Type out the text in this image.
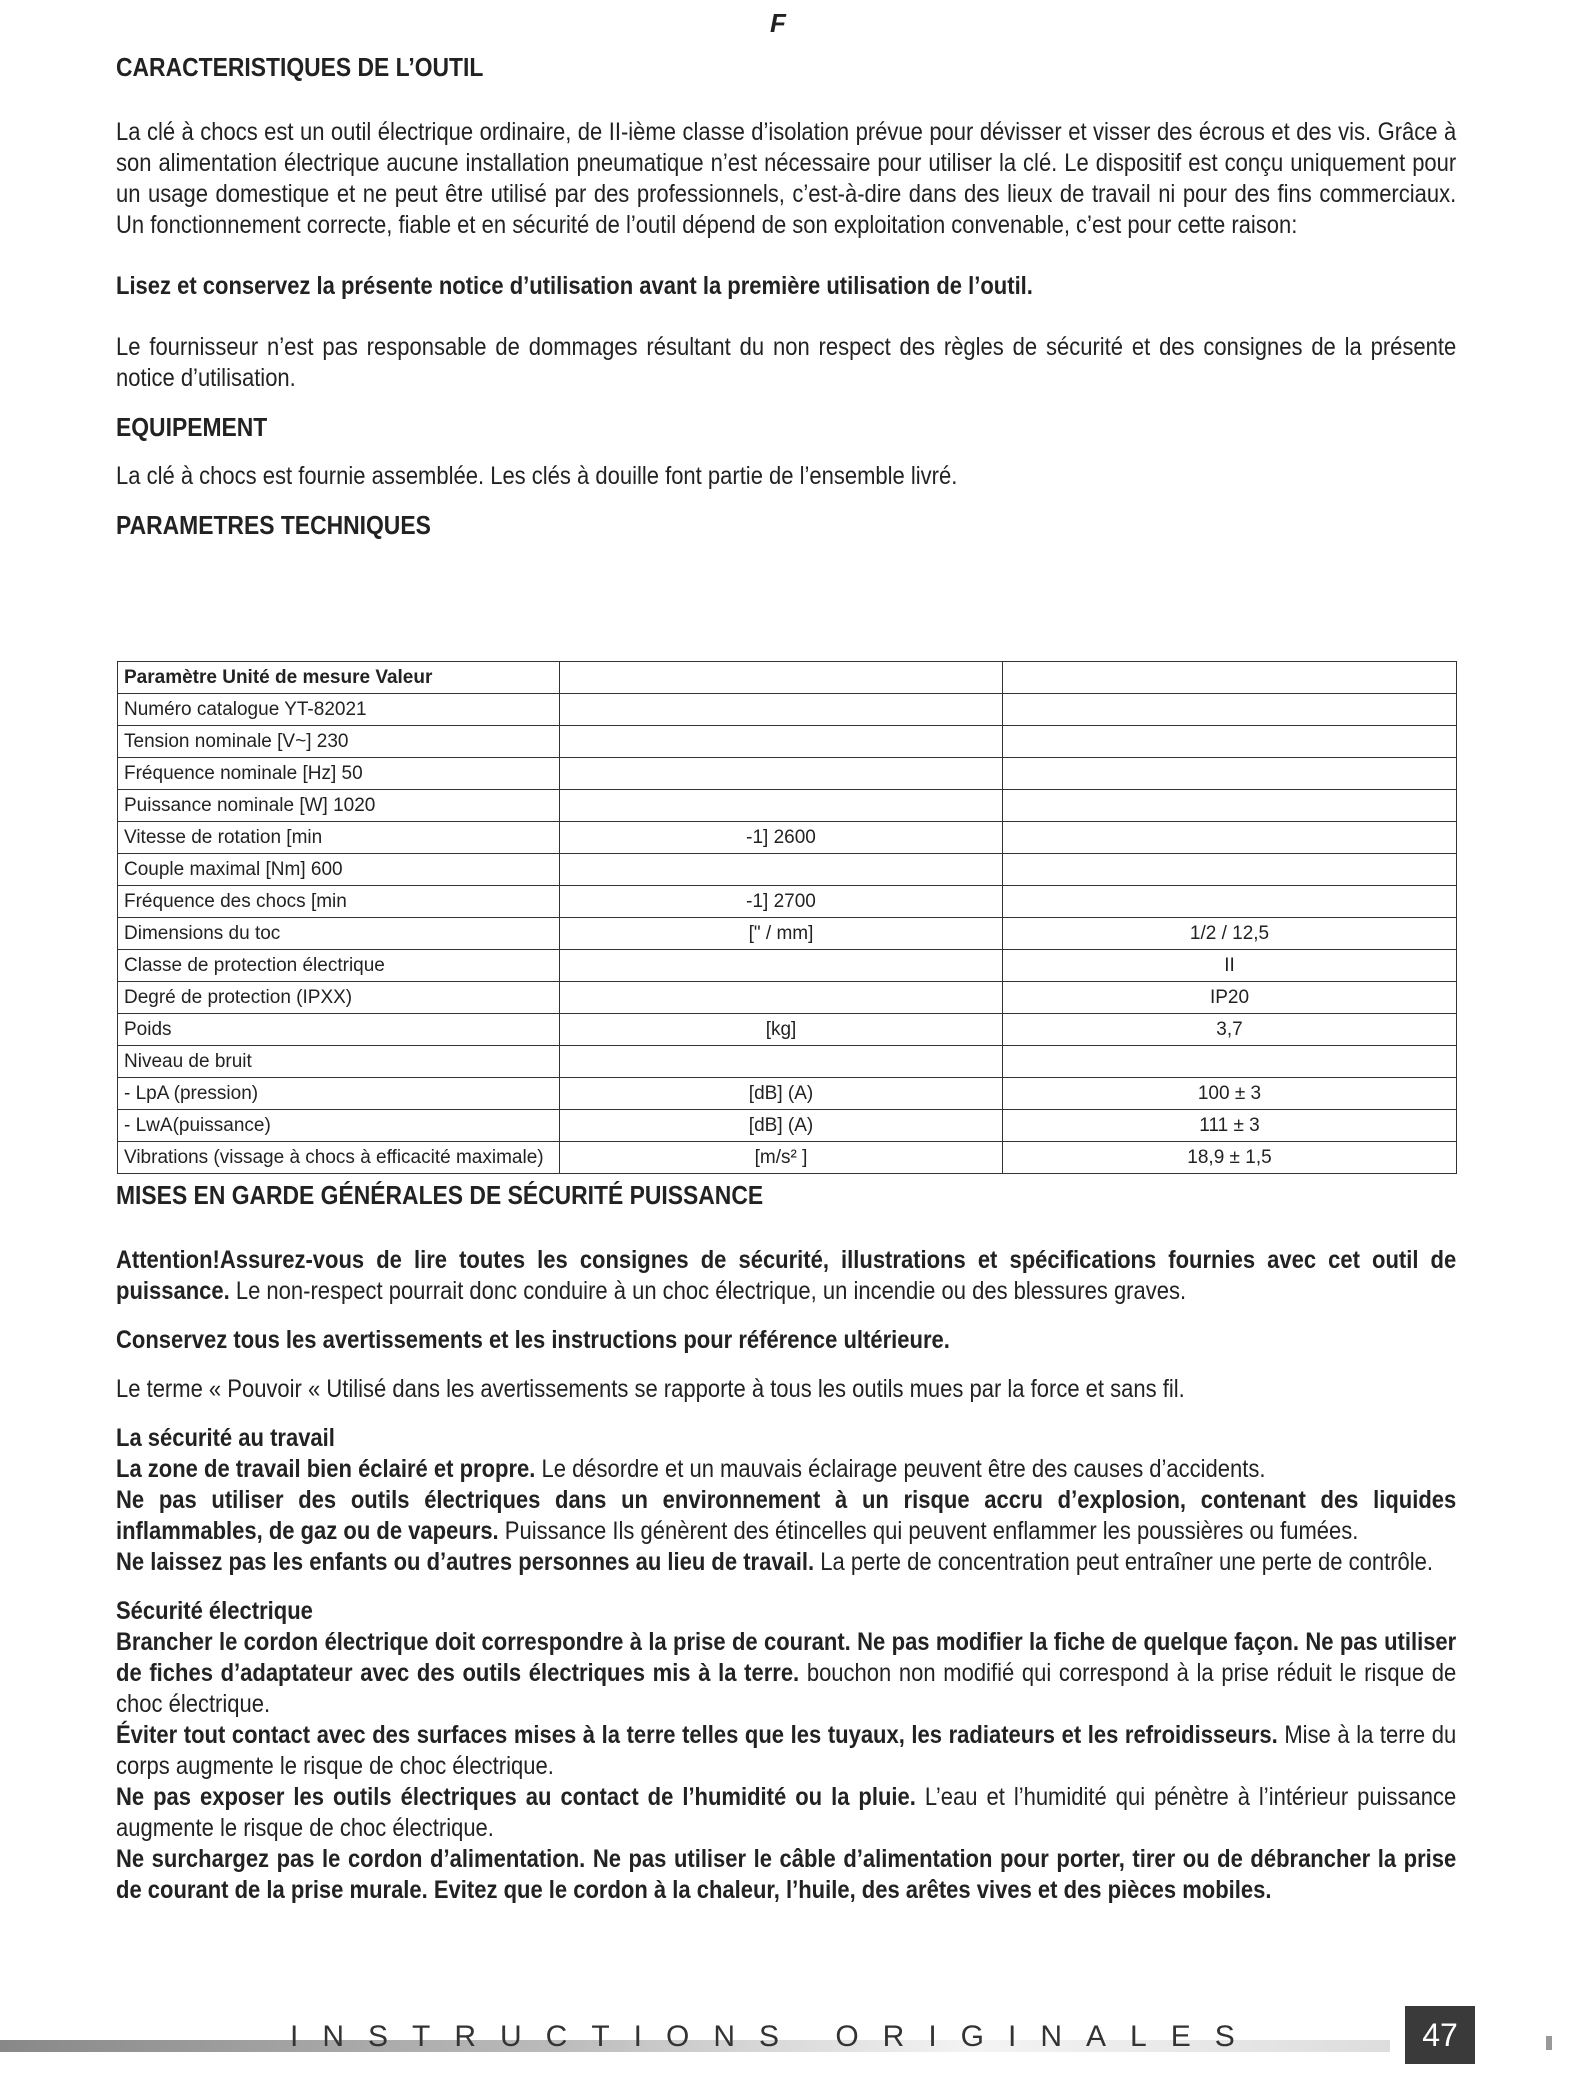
F
CARACTERISTIQUES DE L’OUTIL

La clé à chocs est un outil électrique ordinaire, de II-ième classe d’isolation prévue pour dévisser et visser des écrous et des vis. Grâce à son alimentation électrique aucune installation pneumatique n’est nécessaire pour utiliser la clé. Le dispositif est conçu uniquement pour un usage domestique et ne peut être utilisé par des professionnels, c’est-à-dire dans des lieux de travail ni pour des fins commerciaux. Un fonctionnement correcte, fiable et en sécurité de l’outil dépend de son exploitation convenable, c’est pour cette raison:

Lisez et conservez la présente notice d’utilisation avant la première utilisation de l’outil.

Le fournisseur n’est pas responsable de dommages résultant du non respect des règles de sécurité et des consignes de la présente notice d’utilisation.

EQUIPEMENT

La clé à chocs est fournie assemblée. Les clés à douille font partie de l’ensemble livré.

PARAMETRES TECHNIQUES
Paramètre Unité de mesure Valeur		
Numéro catalogue YT-82021		
Tension nominale [V~] 230		
Fréquence nominale [Hz] 50		
Puissance nominale [W] 1020		
Vitesse de rotation [min	-1] 2600	
Couple maximal [Nm] 600		
Fréquence des chocs [min	-1] 2700	
Dimensions du toc	[" / mm]	1/2 / 12,5
Classe de protection électrique		II
Degré de protection (IPXX)		IP20
Poids	[kg]	3,7
Niveau de bruit		
- LpA (pression)	[dB] (A)	100 ± 3
- LwA(puissance)	[dB] (A)	111 ± 3
Vibrations (vissage à chocs à efficacité maximale)	[m/s² ]	18,9 ± 1,5
MISES EN GARDE GÉNÉRALES DE SÉCURITÉ PUISSANCE

Attention!Assurez-vous de lire toutes les consignes de sécurité, illustrations et spécifications fournies avec cet outil de puissance. Le non-respect pourrait donc conduire à un choc électrique, un incendie ou des blessures graves.

Conservez tous les avertissements et les instructions pour référence ultérieure.

Le terme « Pouvoir « Utilisé dans les avertissements se rapporte à tous les outils mues par la force et sans fil.

La sécurité au travail

La zone de travail bien éclairé et propre. Le désordre et un mauvais éclairage peuvent être des causes d’accidents.

Ne pas utiliser des outils électriques dans un environnement à un risque accru d’explosion, contenant des liquides inflammables, de gaz ou de vapeurs. Puissance Ils génèrent des étincelles qui peuvent enflammer les poussières ou fumées.

Ne laissez pas les enfants ou d’autres personnes au lieu de travail. La perte de concentration peut entraîner une perte de contrôle.

Sécurité électrique

Brancher le cordon électrique doit correspondre à la prise de courant. Ne pas modifier la fiche de quelque façon. Ne pas utiliser de fiches d’adaptateur avec des outils électriques mis à la terre. bouchon non modifié qui correspond à la prise réduit le risque de choc électrique.

Éviter tout contact avec des surfaces mises à la terre telles que les tuyaux, les radiateurs et les refroidisseurs. Mise à la terre du corps augmente le risque de choc électrique.

Ne pas exposer les outils électriques au contact de l’humidité ou la pluie. L’eau et l’humidité qui pénètre à l’intérieur puissance augmente le risque de choc électrique.

Ne surchargez pas le cordon d’alimentation. Ne pas utiliser le câble d’alimentation pour porter, tirer ou de débrancher la prise de courant de la prise murale. Evitez que le cordon à la chaleur, l’huile, des arêtes vives et des pièces mobiles.

INSTRUCTIONS ORIGINALES	47
